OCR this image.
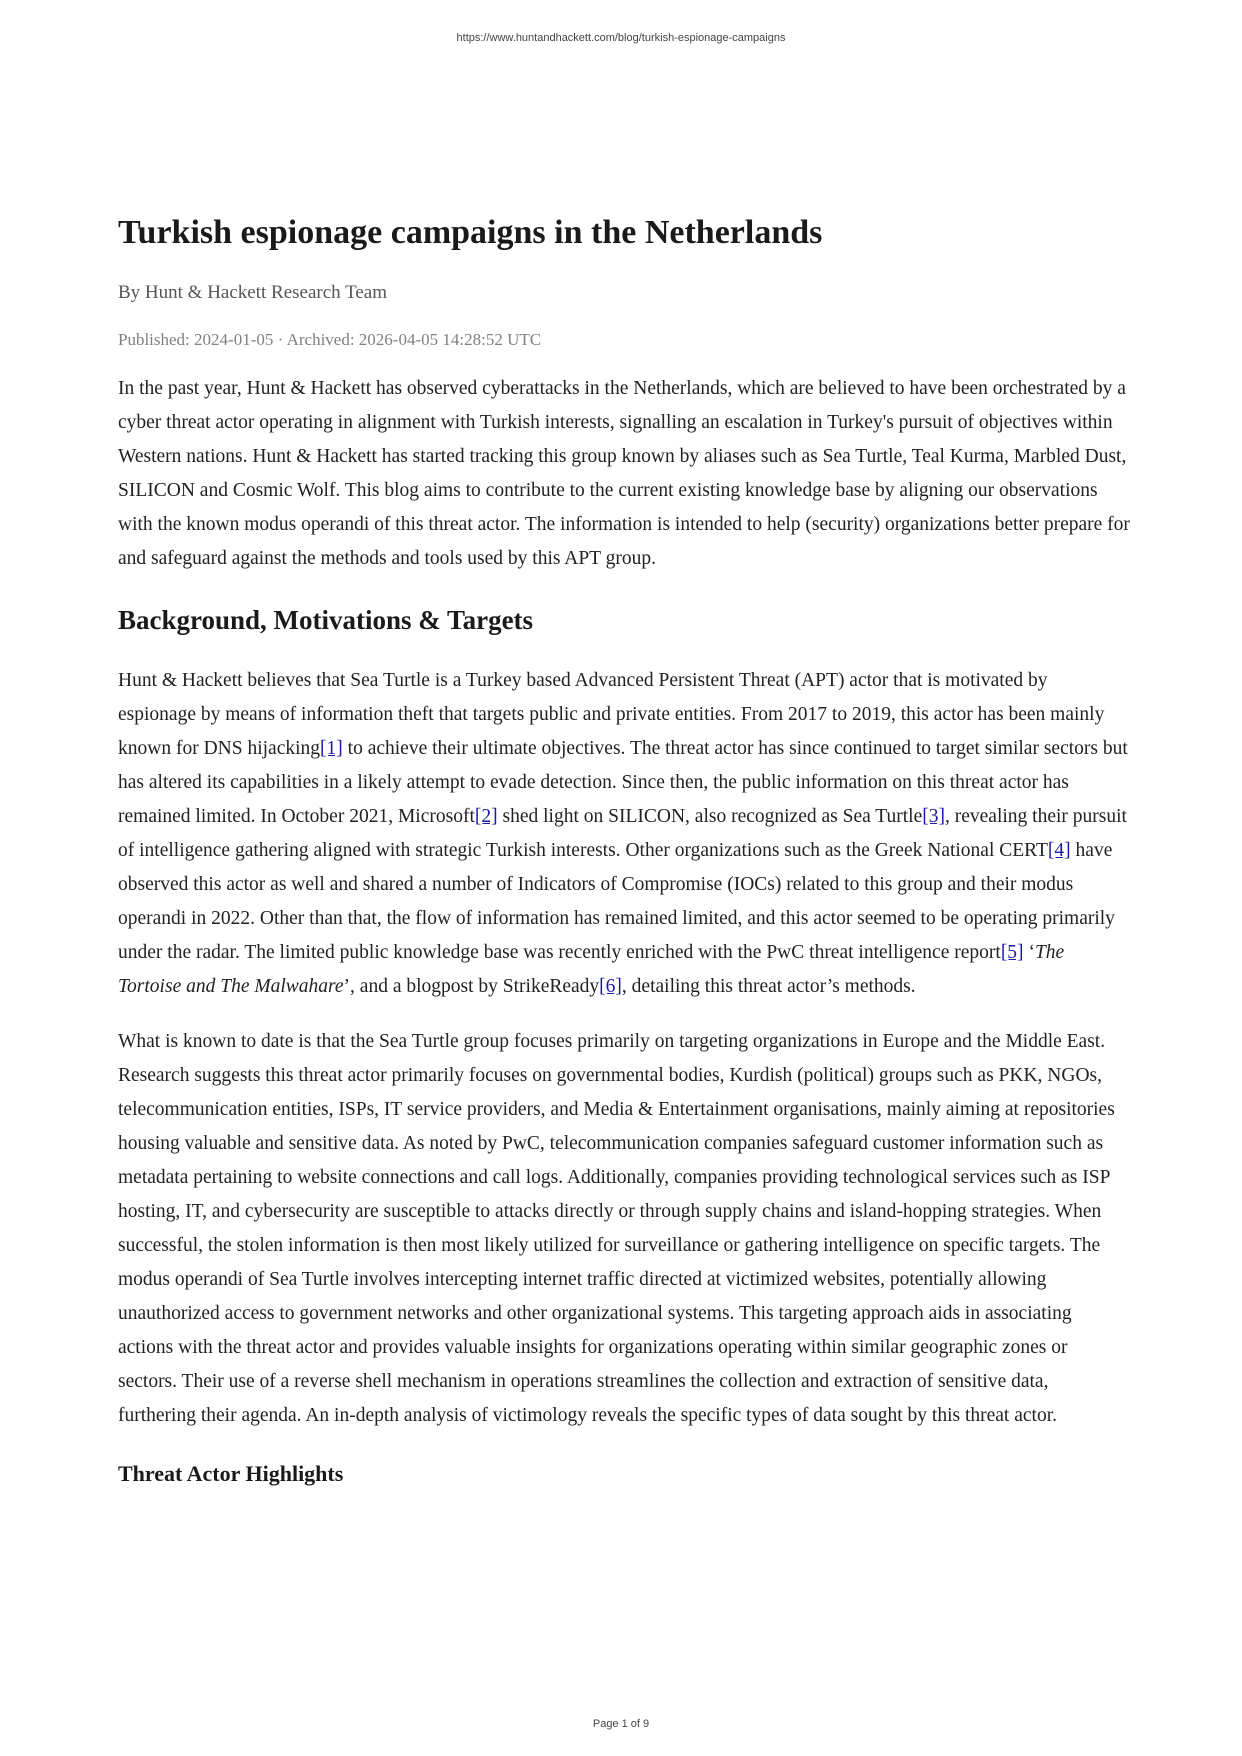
https://www.huntandhackett.com/blog/turkish-espionage-campaigns
Turkish espionage campaigns in the Netherlands
By Hunt & Hackett Research Team
Published: 2024-01-05 · Archived: 2026-04-05 14:28:52 UTC

In the past year, Hunt & Hackett has observed cyberattacks in the Netherlands, which are believed to have been orchestrated by a cyber threat actor operating in alignment with Turkish interests, signalling an escalation in Turkey's pursuit of objectives within Western nations. Hunt & Hackett has started tracking this group known by aliases such as Sea Turtle, Teal Kurma, Marbled Dust, SILICON and Cosmic Wolf. This blog aims to contribute to the current existing knowledge base by aligning our observations with the known modus operandi of this threat actor. The information is intended to help (security) organizations better prepare for and safeguard against the methods and tools used by this APT group.

Background, Motivations & Targets

Hunt & Hackett believes that Sea Turtle is a Turkey based Advanced Persistent Threat (APT) actor that is motivated by espionage by means of information theft that targets public and private entities. From 2017 to 2019, this actor has been mainly known for DNS hijacking[1] to achieve their ultimate objectives. The threat actor has since continued to target similar sectors but has altered its capabilities in a likely attempt to evade detection. Since then, the public information on this threat actor has remained limited. In October 2021, Microsoft[2] shed light on SILICON, also recognized as Sea Turtle[3], revealing their pursuit of intelligence gathering aligned with strategic Turkish interests. Other organizations such as the Greek National CERT[4] have observed this actor as well and shared a number of Indicators of Compromise (IOCs) related to this group and their modus operandi in 2022. Other than that, the flow of information has remained limited, and this actor seemed to be operating primarily under the radar. The limited public knowledge base was recently enriched with the PwC threat intelligence report[5] ‘The Tortoise and The Malwahare’, and a blogpost by StrikeReady[6], detailing this threat actor’s methods.

What is known to date is that the Sea Turtle group focuses primarily on targeting organizations in Europe and the Middle East. Research suggests this threat actor primarily focuses on governmental bodies, Kurdish (political) groups such as PKK, NGOs, telecommunication entities, ISPs, IT service providers, and Media & Entertainment organisations, mainly aiming at repositories housing valuable and sensitive data. As noted by PwC, telecommunication companies safeguard customer information such as metadata pertaining to website connections and call logs. Additionally, companies providing technological services such as ISP hosting, IT, and cybersecurity are susceptible to attacks directly or through supply chains and island-hopping strategies. When successful, the stolen information is then most likely utilized for surveillance or gathering intelligence on specific targets. The modus operandi of Sea Turtle involves intercepting internet traffic directed at victimized websites, potentially allowing unauthorized access to government networks and other organizational systems. This targeting approach aids in associating actions with the threat actor and provides valuable insights for organizations operating within similar geographic zones or sectors. Their use of a reverse shell mechanism in operations streamlines the collection and extraction of sensitive data, furthering their agenda. An in-depth analysis of victimology reveals the specific types of data sought by this threat actor.

Threat Actor Highlights
Page 1 of 9
